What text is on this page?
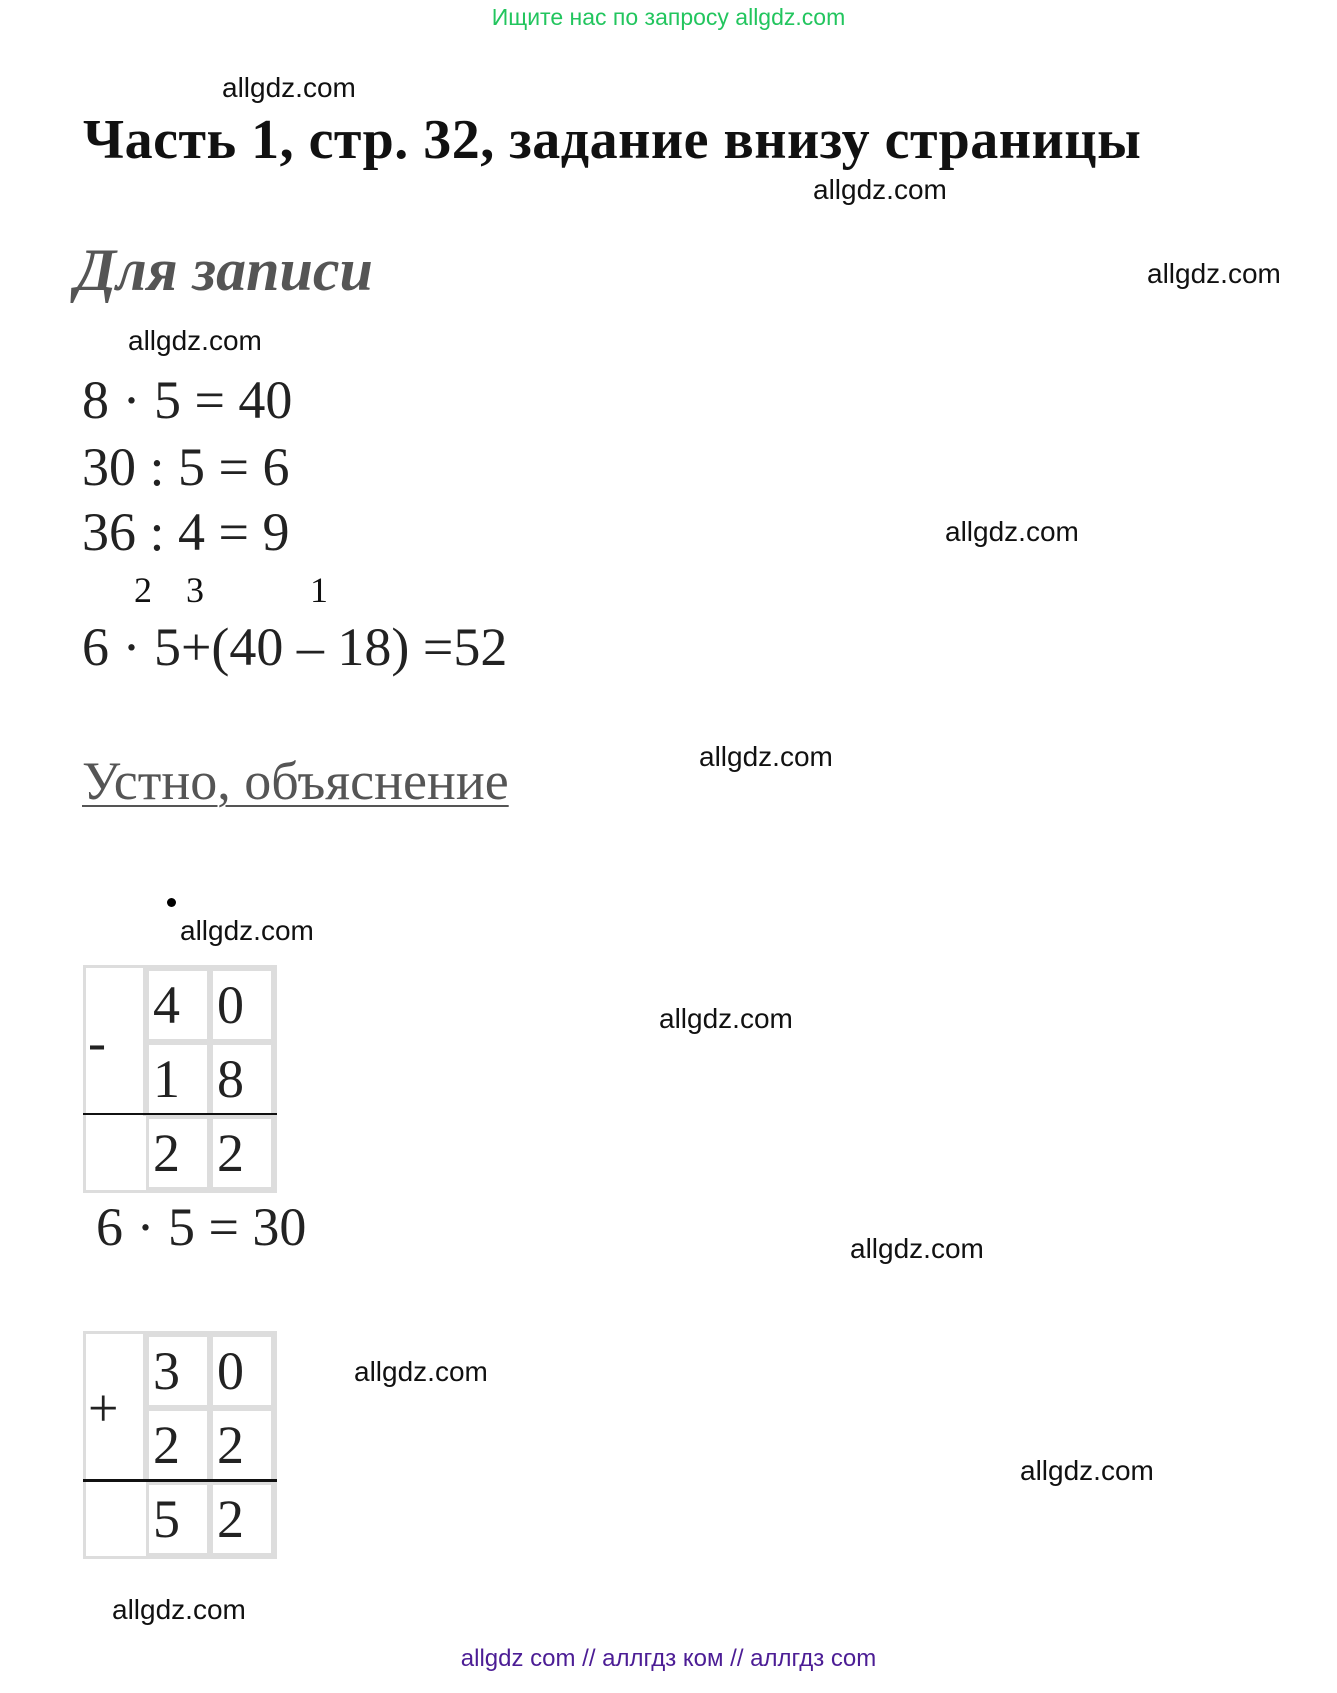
Ищите нас по запросу allgdz.com
Часть 1, стр. 32, задание внизу страницы
Для записи
8 · 5 = 40
30 : 5 = 6
36 : 4 = 9
2 3	1
6 · 5+(40 – 18) =52
Устно, объяснение
-
4 0
1 8
2 2
6 · 5 = 30
+
3 0
2 2
5 2
allgdz.com
allgdz.com
allgdz.com
allgdz.com
allgdz.com
allgdz.com
allgdz.com
allgdz.com
allgdz.com
allgdz.com
allgdz.com
allgdz.com
allgdz com // аллгдз ком // аллгдз com
